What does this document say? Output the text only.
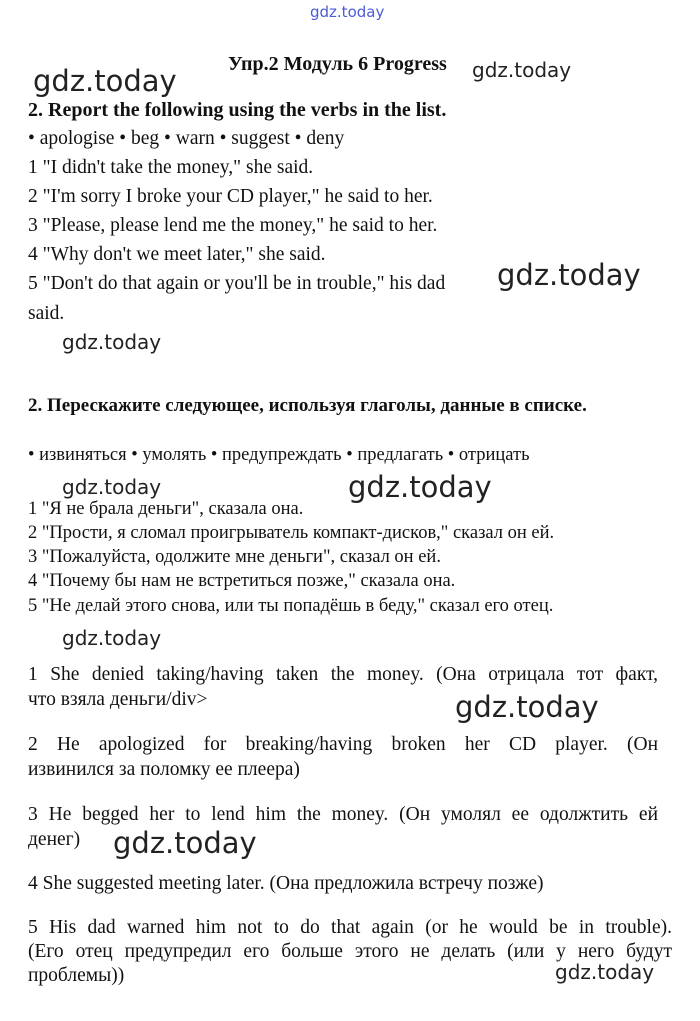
gdz.today
gdz.today	gdz.today
gdz.today
gdz.today
gdz.today	gdz.today
gdz.today
gdz.today
gdz.today
gdz.today
Упр.2 Модуль 6 Progress
2. Report the following using the verbs in the list.
• apologise • beg • warn • suggest • deny
1 "I didn't take the money," she said.
2 "I'm sorry I broke your CD player," he said to her.
3 "Please, please lend me the money," he said to her.
4 "Why don't we meet later," she said.
5 "Don't do that again or you'll be in trouble," his dad
said.
2. Перескажите следующее, используя глаголы, данные в списке.
• извиняться • умолять • предупреждать • предлагать • отрицать
1 "Я не брала деньги", сказала она.
2 "Прости, я сломал проигрыватель компакт-дисков," сказал он ей.
3 "Пожалуйста, одолжите мне деньги", сказал он ей.
4 "Почему бы нам не встретиться позже," сказала она.
5 "Не делай этого снова, или ты попадёшь в беду," сказал его отец.
1 She denied taking/having taken the money. (Она отрицала тот факт,
что взяла деньги/div>
2 He apologized for breaking/having broken her CD player. (Он
извинился за поломку ее плеера)
3 He begged her to lend him the money. (Он умолял ее одолжтить ей
денег)
4 She suggested meeting later. (Она предложила встречу позже)
5 His dad warned him not to do that again (or he would be in trouble).
(Его отец предупредил его больше этого не делать (или у него будут
проблемы))
